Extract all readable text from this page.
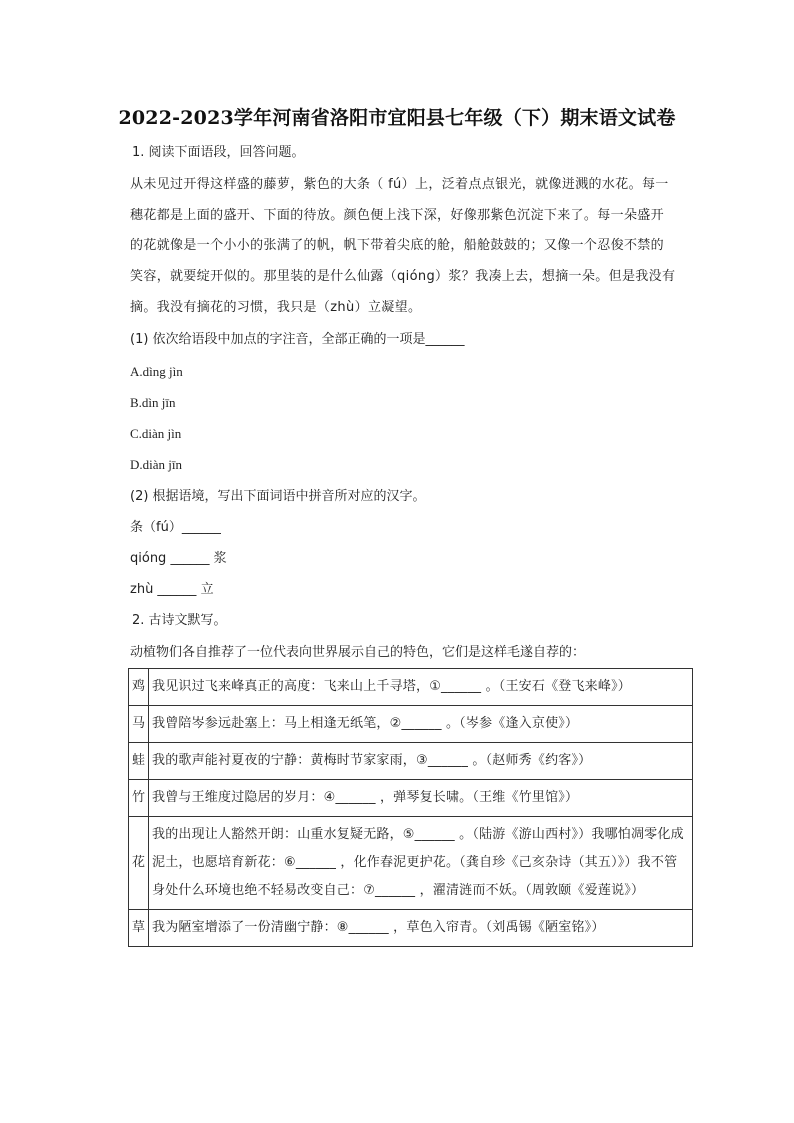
2022-2023学年河南省洛阳市宜阳县七年级（下）期末语文试卷
1. 阅读下面语段，回答问题。
从未见过开得这样盛的藤萝，紫色的大条（ fú）上，泛着点点银光，就像迸溅的水花。每一
穗花都是上面的盛开、下面的待放。颜色便上浅下深，好像那紫色沉淀下来了。每一朵盛开
的花就像是一个小小的张满了的帆，帆下带着尖底的舱，船舱鼓鼓的；又像一个忍俊不禁的
笑容，就要绽开似的。那里装的是什么仙露（qióng）浆？我凑上去，想摘一朵。但是我没有
摘。我没有摘花的习惯，我只是（zhù）立凝望。
(1) 依次给语段中加点的字注音，全部正确的一项是______
A.dìng jìn
B.dìn jīn
C.diàn jìn
D.diàn jīn
(2) 根据语境，写出下面词语中拼音所对应的汉字。
条（fú）______
qióng ______ 浆
zhù ______ 立
2. 古诗文默写。
动植物们各自推荐了一位代表向世界展示自己的特色，它们是这样毛遂自荐的：
鸡	我见识过飞来峰真正的高度：飞来山上千寻塔，①______ 。（王安石《登飞来峰》）
马	我曾陪岑参远赴塞上：马上相逢无纸笔，②______ 。（岑参《逢入京使》）
蛙	我的歌声能衬夏夜的宁静：黄梅时节家家雨，③______ 。（赵师秀《约客》）
竹	我曾与王维度过隐居的岁月：④______ ，弹琴复长啸。（王维《竹里馆》）
花	我的出现让人豁然开朗：山重水复疑无路，⑤______ 。（陆游《游山西村》）我哪怕凋零化成泥土，也愿培育新花：⑥______ ，化作春泥更护花。（龚自珍《己亥杂诗（其五）》）我不管身处什么环境也绝不轻易改变自己：⑦______ ，濯清涟而不妖。（周敦颐《爱莲说》）
草	我为陋室增添了一份清幽宁静：⑧______ ，草色入帘青。（刘禹锡《陋室铭》）
